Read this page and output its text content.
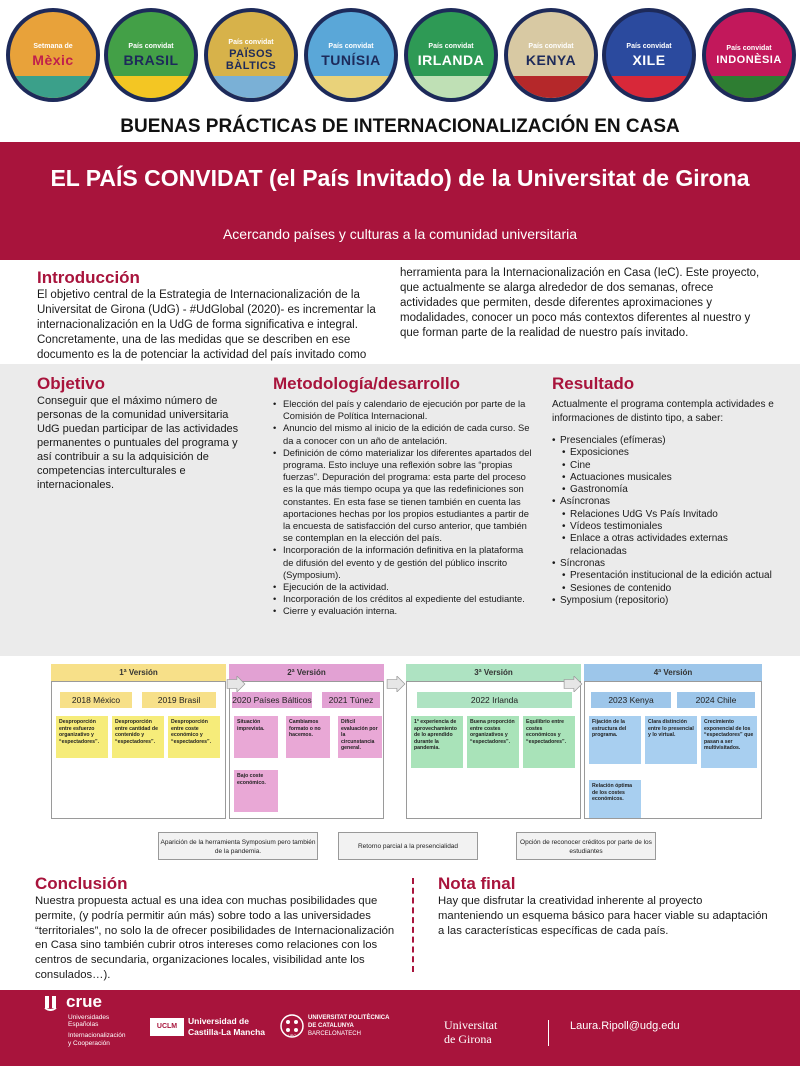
Setmana de
Mèxic
País convidat
BRASIL
País convidat
PAÏSOS BÀLTICS
País convidat
TUNÍSIA
País convidat
IRLANDA
País convidat
KENYA
País convidat
XILE
País convidat
INDONÈSIA
BUENAS PRÁCTICAS DE INTERNACIONALIZACIÓN EN CASA
EL PAÍS CONVIDAT (el País Invitado) de la Universitat de Girona
Acercando países y culturas a la comunidad universitaria
Introducción
El objetivo central de la Estrategia de Internacionalización de la Universitat de Girona (UdG) - #UdGlobal (2020)- es incrementar la internacionalización en la UdG de forma significativa e integral. Concretamente, una de las medidas que se describen en ese documento es la de potenciar la actividad del país invitado como
herramienta para la Internacionalización en Casa (IeC). Este proyecto, que actualmente se alarga alrededor de dos semanas, ofrece actividades que permiten, desde diferentes aproximaciones y modalidades, conocer un poco más contextos diferentes al nuestro y que forman parte de la realidad de nuestro país invitado.
Objetivo
Conseguir que el máximo número de personas de la comunidad universitaria UdG puedan participar de las actividades permanentes o puntuales del programa y así contribuir a su la adquisición de competencias interculturales e internacionales.
Metodología/desarrollo
• Elección del país y calendario de ejecución por parte de la Comisión de Política Internacional.
• Anuncio del mismo al inicio de la edición de cada curso. Se da a conocer con un año de antelación.
• Definición de cómo materializar los diferentes apartados del programa. Esto incluye una reflexión sobre las “propias fuerzas”. Depuración del programa: esta parte del proceso es la que más tiempo ocupa ya que las redefiniciones son constantes. En esta fase se tienen también en cuenta las aportaciones hechas por los propios estudiantes a partir de la encuesta de satisfacción del curso anterior, que también se contemplan en la elección del país.
• Incorporación de la información definitiva en la plataforma de difusión del evento y de gestión del público inscrito (Symposium).
• Ejecución de la actividad.
• Incorporación de los créditos al expediente del estudiante.
• Cierre y evaluación interna.
Resultado
Actualmente el programa contempla actividades e informaciones de distinto tipo, a saber:
• Presenciales (efímeras)
• Exposiciones
• Cine
• Actuaciones musicales
• Gastronomía
• Asíncronas
• Relaciones UdG Vs País Invitado
• Vídeos testimoniales
• Enlace a otras actividades externas relacionadas
• Síncronas
• Presentación institucional de la edición actual
• Sesiones de contenido
• Symposium (repositorio)
1ª Versión	2ª Versión	3ª Versión	4ª Versión
2018 México	2019 Brasil
Desproporción entre esfuerzo organizativo y “espectadores”.
Desproporción entre cantidad de contenido y “espectadores”.
Desproporción entre coste económico y “espectadores”.
2020 Países Bálticos	2021 Túnez
Situación imprevista.
Cambiamos formato o no hacemos.
Difícil evaluación por la circunstancia general.
Bajo coste económico.
2022 Irlanda
1ª experiencia de aprovechamiento de lo aprendido durante la pandemia.
Buena proporción entre costes organizativos y “espectadores”.
Equilibrio entre costes económicos y “espectadores”.
2023 Kenya	2024 Chile
Fijación de la estructura del programa.
Clara distinción entre lo presencial y lo virtual.
Crecimiento exponencial de los “espectadores” que pasan a ser multivisitados.
Relación óptima de los costes económicos.
Aparición de la herramienta Symposium pero también de la pandemia.
Retorno parcial a la presencialidad
Opción de reconocer créditos por parte de los estudiantes
Conclusión
Nuestra propuesta actual es una idea con muchas posibilidades que permite, (y podría permitir aún más) sobre todo a las universidades “territoriales”, no solo la de ofrecer posibilidades de Internacionalización en Casa sino también cubrir otros intereses como relaciones con los centros de secundaria, organizaciones locales, visibilidad ante los consulados…).
Nota final
Hay que disfrutar la creatividad inherente al proyecto manteniendo un esquema básico para hacer viable su adaptación a las características específicas de cada país.
crue
Universidades
Españolas
Internacionalización
y Cooperación
UCLM
Universidad de
Castilla-La Mancha	UPC
UNIVERSITAT POLITÈCNICA
DE CATALUNYA
BARCELONATECH
Universitat
de Girona
Laura.Ripoll@udg.edu
